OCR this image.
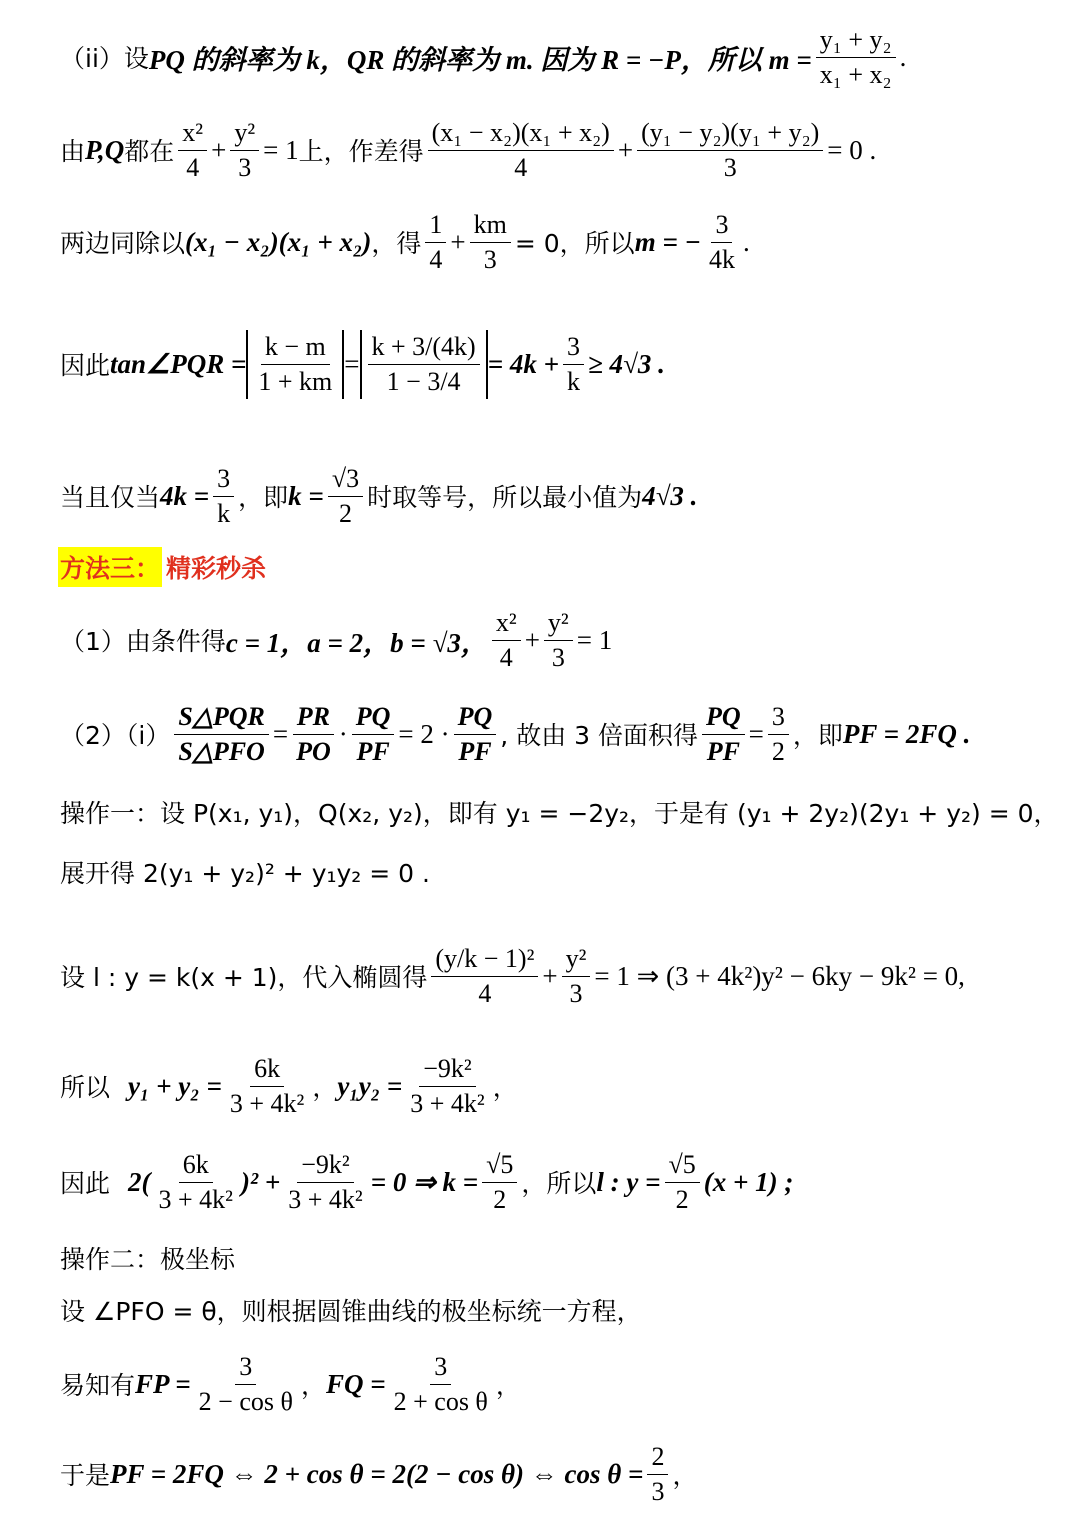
（ii）设 PQ 的斜率为 k，QR 的斜率为 m. 因为 R = −P，所以 $m = \frac{\text{y₁ + y₂}}{\text{x₁ + x₂}}$ .
由 P,Q 都在 $\frac{\text{x²}}{4} + \frac{\text{y²}}{3} = 1$ 上，作差得 $\frac{\text{(x₁ − x₂)(x₁ + x₂)}}{4} + \frac{\text{(y₁ − y₂)(y₁ + y₂)}}{3} = 0$ .
两边同除以 (x₁ − x₂)(x₁ + x₂) ，得 $\frac{1}{4} + \frac{km}{3} = 0$，所以 m = − $\frac{3}{4k}$ .
因此 tan∠PQR = $\frac{k - m}{1 + km} = \frac{k + 3/(4k)}{1 - 3/4} = 4k + \frac{3}{k} \ge 4√3$ .
当且仅当 $4k = \frac{3}{k}$ ，即 $k = \frac{√3}{2}$ 时取等号，所以最小值为 4√3 .
方法三： 精彩秒杀
（1）由条件得 c = 1，a = 2，b = √3， $\frac{\text{x²}}{4} + \frac{\text{y²}}{3} = 1$
$(2)(i) \frac{\text{S△PQR}}{\text{S△PFO}} = \frac{PR}{PO} \cdot \frac{PQ}{PF} = 2 \cdot \frac{PQ}{PF}$ , 故由 3 倍面积得 $\frac{PQ}{PF} = \frac{3}{2}$ ，即 PF = 2FQ .
操作一：设 P(x₁, y₁)，Q(x₂, y₂)，即有 y₁ = −2y₂，于是有 (y₁ + 2y₂)(2y₁ + y₂) = 0，
展开得 2(y₁ + y₂)² + y₁y₂ = 0 .
设 l : y = k(x + 1)，代入椭圆得 $\frac{\text{(y/k − 1)²}}{4} + \frac{\text{y²}}{3} = 1$ ⇒ (3 + 4k²)y² − 6ky − 9k² = 0,
所以 $y_1 + y_2 = \frac{6k}{\text{3 + 4k²}}$ ， $y_1y_2 = \frac{\text{−9k²}}{\text{3 + 4k²}}$ ，
因此 $2( \frac{6k}{\text{3 + 4k²}} )^2 + \frac{\text{−9k²}}{\text{3 + 4k²}} = 0$ ⇒ $k = \frac{√5}{2}$ ，所以 l : $y = \frac{√5}{2} (x + 1)$ ;
操作二：极坐标
设 ∠PFO = θ，则根据圆锥曲线的极坐标统一方程，
易知有 FP = $\frac{3}{\text{2 − cos θ}}$ ， FQ = $\frac{3}{\text{2 + cos θ}}$ ，
于是 PF = 2FQ ⇔ 2 + cos θ = 2(2 − cos θ) ⇔ $\cos \theta = \frac{2}{3}$ ，
